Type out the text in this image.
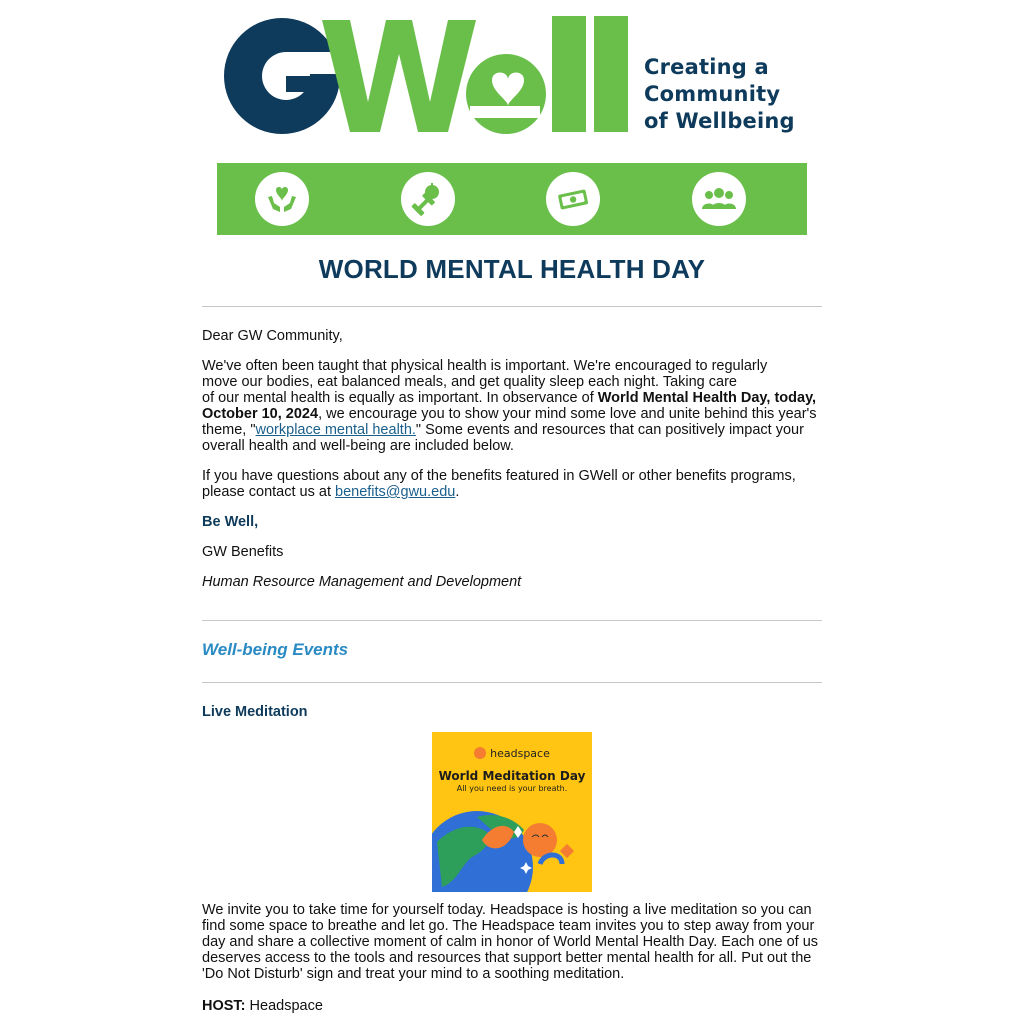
Creating a
Community
of Wellbeing
WORLD MENTAL HEALTH DAY
Dear GW Community,
We've often been taught that physical health is important. We're encouraged to regularly
move our bodies, eat balanced meals, and get quality sleep each night. Taking care
of our mental health is equally as important. In observance of World Mental Health Day, today,
October 10, 2024, we encourage you to show your mind some love and unite behind this year's
theme, "workplace mental health." Some events and resources that can positively impact your
overall health and well-being are included below.
If you have questions about any of the benefits featured in GWell or other benefits programs,
please contact us at benefits@gwu.edu.
Be Well,
GW Benefits
Human Resource Management and Development
Well-being Events
Live Meditation
headspace
World Meditation Day
All you need is your breath.
We invite you to take time for yourself today. Headspace is hosting a live meditation so you can
find some space to breathe and let go. The Headspace team invites you to step away from your
day and share a collective moment of calm in honor of World Mental Health Day. Each one of us
deserves access to the tools and resources that support better mental health for all. Put out the
'Do Not Disturb' sign and treat your mind to a soothing meditation.
HOST: Headspace
